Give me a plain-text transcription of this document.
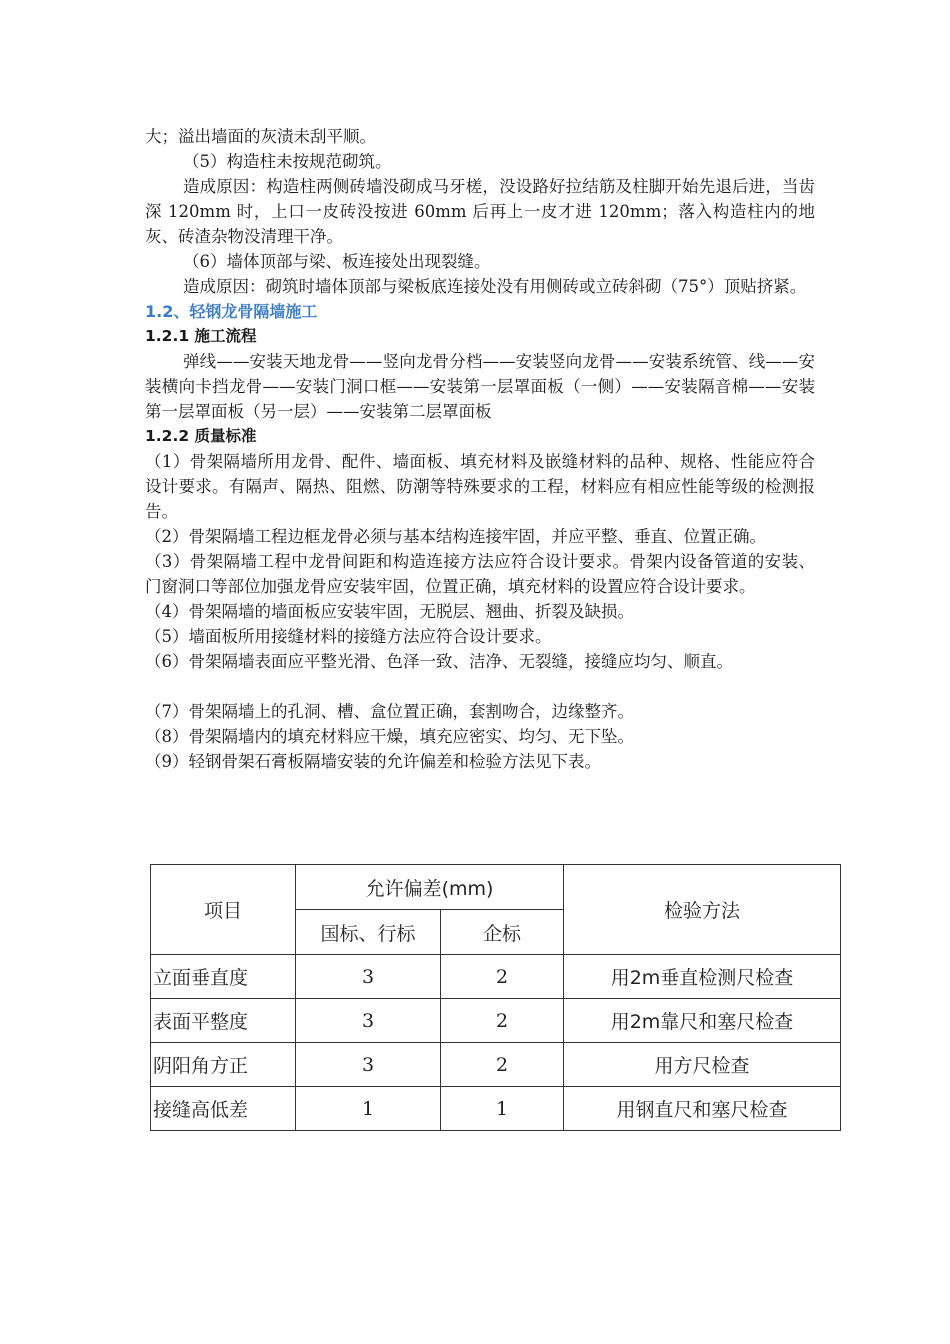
大；溢出墙面的灰渍未刮平顺。

（5）构造柱未按规范砌筑。

造成原因：构造柱两侧砖墙没砌成马牙槎，没设路好拉结筋及柱脚开始先退后进，当齿深 120mm 时，上口一皮砖没按进 60mm 后再上一皮才进 120mm；落入构造柱内的地灰、砖渣杂物没清理干净。

（6）墙体顶部与梁、板连接处出现裂缝。

造成原因：砌筑时墙体顶部与梁板底连接处没有用侧砖或立砖斜砌（75°）顶贴挤紧。

1.2、轻钢龙骨隔墙施工

1.2.1 施工流程

弹线——安装天地龙骨——竖向龙骨分档——安装竖向龙骨——安装系统管、线——安装横向卡挡龙骨——安装门洞口框——安装第一层罩面板（一侧）——安装隔音棉——安装第一层罩面板（另一层）——安装第二层罩面板

1.2.2 质量标准

（1）骨架隔墙所用龙骨、配件、墙面板、填充材料及嵌缝材料的品种、规格、性能应符合设计要求。有隔声、隔热、阻燃、防潮等特殊要求的工程，材料应有相应性能等级的检测报告。

（2）骨架隔墙工程边框龙骨必须与基本结构连接牢固，并应平整、垂直、位置正确。

（3）骨架隔墙工程中龙骨间距和构造连接方法应符合设计要求。骨架内设备管道的安装、门窗洞口等部位加强龙骨应安装牢固，位置正确，填充材料的设置应符合设计要求。

（4）骨架隔墙的墙面板应安装牢固，无脱层、翘曲、折裂及缺损。

（5）墙面板所用接缝材料的接缝方法应符合设计要求。

（6）骨架隔墙表面应平整光滑、色泽一致、洁净、无裂缝，接缝应均匀、顺直。

（7）骨架隔墙上的孔洞、槽、盒位置正确，套割吻合，边缘整齐。

（8）骨架隔墙内的填充材料应干燥，填充应密实、均匀、无下坠。

（9）轻钢骨架石膏板隔墙安装的允许偏差和检验方法见下表。

项目	允许偏差(mm)		检验方法
	国标、行标	企标	
立面垂直度	3	2	用2m垂直检测尺检查
表面平整度	3	2	用2m靠尺和塞尺检查
阴阳角方正	3	2	用方尺检查
接缝高低差	1	1	用钢直尺和塞尺检查
